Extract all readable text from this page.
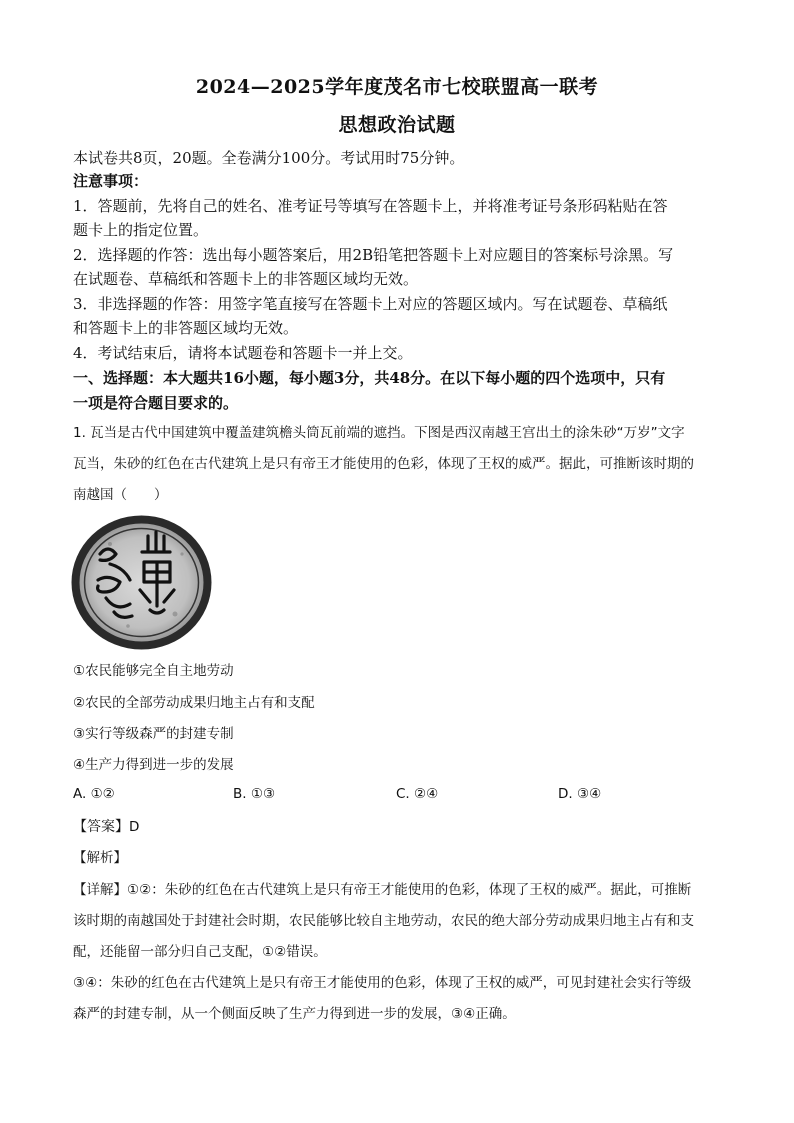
2024—2025学年度茂名市七校联盟高一联考
思想政治试题
本试卷共8页，20题。全卷满分100分。考试用时75分钟。
注意事项：
1．答题前，先将自己的姓名、准考证号等填写在答题卡上，并将准考证号条形码粘贴在答
题卡上的指定位置。
2．选择题的作答：选出每小题答案后，用2B铅笔把答题卡上对应题目的答案标号涂黑。写
在试题卷、草稿纸和答题卡上的非答题区域均无效。
3．非选择题的作答：用签字笔直接写在答题卡上对应的答题区域内。写在试题卷、草稿纸
和答题卡上的非答题区域均无效。
4．考试结束后，请将本试题卷和答题卡一并上交。
一、选择题：本大题共16小题，每小题3分，共48分。在以下每小题的四个选项中，只有
一项是符合题目要求的。
1. 瓦当是古代中国建筑中覆盖建筑檐头筒瓦前端的遮挡。下图是西汉南越王宫出土的涂朱砂“万岁”文字
瓦当，朱砂的红色在古代建筑上是只有帝王才能使用的色彩，体现了王权的威严。据此，可推断该时期的
南越国（　　）
①农民能够完全自主地劳动
②农民的全部劳动成果归地主占有和支配
③实行等级森严的封建专制
④生产力得到进一步的发展
A. ①②	B. ①③	C. ②④	D. ③④
【答案】D
【解析】
【详解】①②：朱砂的红色在古代建筑上是只有帝王才能使用的色彩，体现了王权的威严。据此，可推断
该时期的南越国处于封建社会时期，农民能够比较自主地劳动，农民的绝大部分劳动成果归地主占有和支
配，还能留一部分归自己支配，①②错误。
③④：朱砂的红色在古代建筑上是只有帝王才能使用的色彩，体现了王权的威严，可见封建社会实行等级
森严的封建专制，从一个侧面反映了生产力得到进一步的发展，③④正确。
